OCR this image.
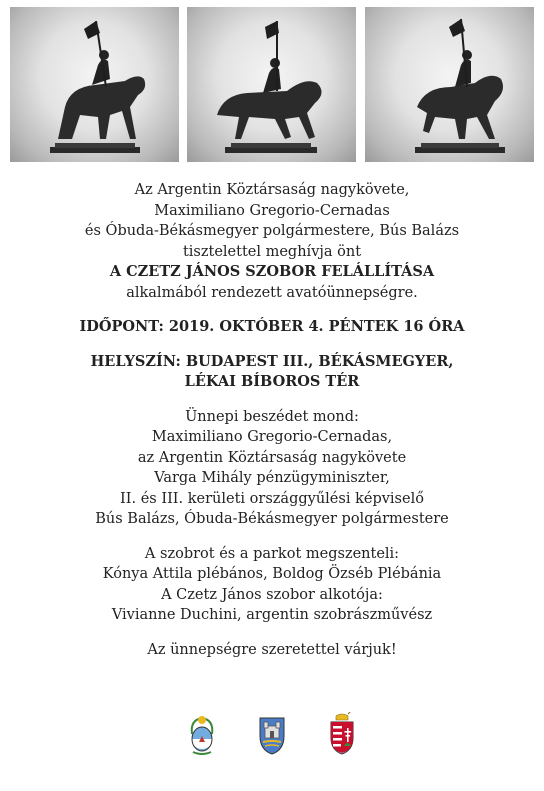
Az Argentin Köztársaság nagykövete,

Maximiliano Gregorio-Cernadas

és Óbuda-Békásmegyer polgármestere, Bús Balázs

tisztelettel meghívja önt

A CZETZ JÁNOS SZOBOR FELÁLLÍTÁSA

alkalmából rendezett avatóünnepségre.

IDŐPONT: 2019. OKTÓBER 4. PÉNTEK 16 ÓRA

HELYSZÍN: BUDAPEST III., BÉKÁSMEGYER,

LÉKAI BÍBOROS TÉR

Ünnepi beszédet mond:

Maximiliano Gregorio-Cernadas,

az Argentin Köztársaság nagykövete

Varga Mihály pénzügyminiszter,

II. és III. kerületi országgyűlési képviselő

Bús Balázs, Óbuda-Békásmegyer polgármestere

A szobrot és a parkot megszenteli:

Kónya Attila plébános, Boldog Özséb Plébánia

A Czetz János szobor alkotója:

Vivianne Duchini, argentin szobrászművész

Az ünnepségre szeretettel várjuk!
